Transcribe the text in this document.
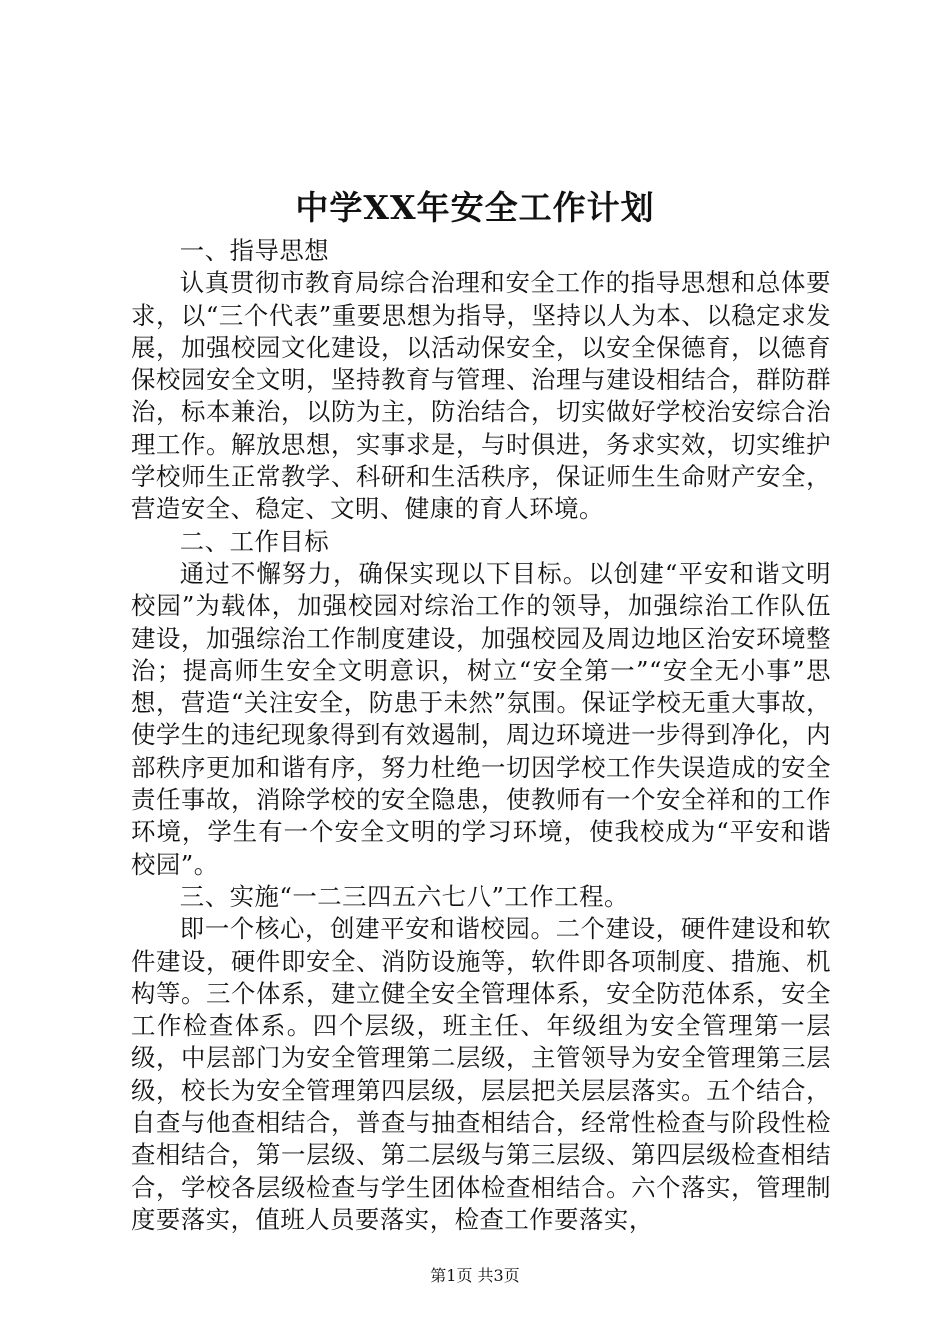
中学XX年安全工作计划

一、指导思想

认真贯彻市教育局综合治理和安全工作的指导思想和总体要求，以“三个代表”重要思想为指导，坚持以人为本、以稳定求发展，加强校园文化建设，以活动保安全，以安全保德育，以德育保校园安全文明，坚持教育与管理、治理与建设相结合，群防群治，标本兼治，以防为主，防治结合，切实做好学校治安综合治理工作。解放思想，实事求是，与时俱进，务求实效，切实维护学校师生正常教学、科研和生活秩序，保证师生生命财产安全，营造安全、稳定、文明、健康的育人环境。

二、工作目标

通过不懈努力，确保实现以下目标。以创建“平安和谐文明校园”为载体，加强校园对综治工作的领导，加强综治工作队伍建设，加强综治工作制度建设，加强校园及周边地区治安环境整治；提高师生安全文明意识，树立“安全第一”“安全无小事”思想，营造“关注安全，防患于未然”氛围。保证学校无重大事故，使学生的违纪现象得到有效遏制，周边环境进一步得到净化，内部秩序更加和谐有序，努力杜绝一切因学校工作失误造成的安全责任事故，消除学校的安全隐患，使教师有一个安全祥和的工作环境，学生有一个安全文明的学习环境，使我校成为“平安和谐校园”。

三、实施“一二三四五六七八”工作工程。

即一个核心，创建平安和谐校园。二个建设，硬件建设和软件建设，硬件即安全、消防设施等，软件即各项制度、措施、机构等。三个体系，建立健全安全管理体系，安全防范体系，安全工作检查体系。四个层级，班主任、年级组为安全管理第一层级，中层部门为安全管理第二层级，主管领导为安全管理第三层级，校长为安全管理第四层级，层层把关层层落实。五个结合，自查与他查相结合，普查与抽查相结合，经常性检查与阶段性检查相结合，第一层级、第二层级与第三层级、第四层级检查相结合，学校各层级检查与学生团体检查相结合。六个落实，管理制度要落实，值班人员要落实，检查工作要落实，

第1页 共3页
